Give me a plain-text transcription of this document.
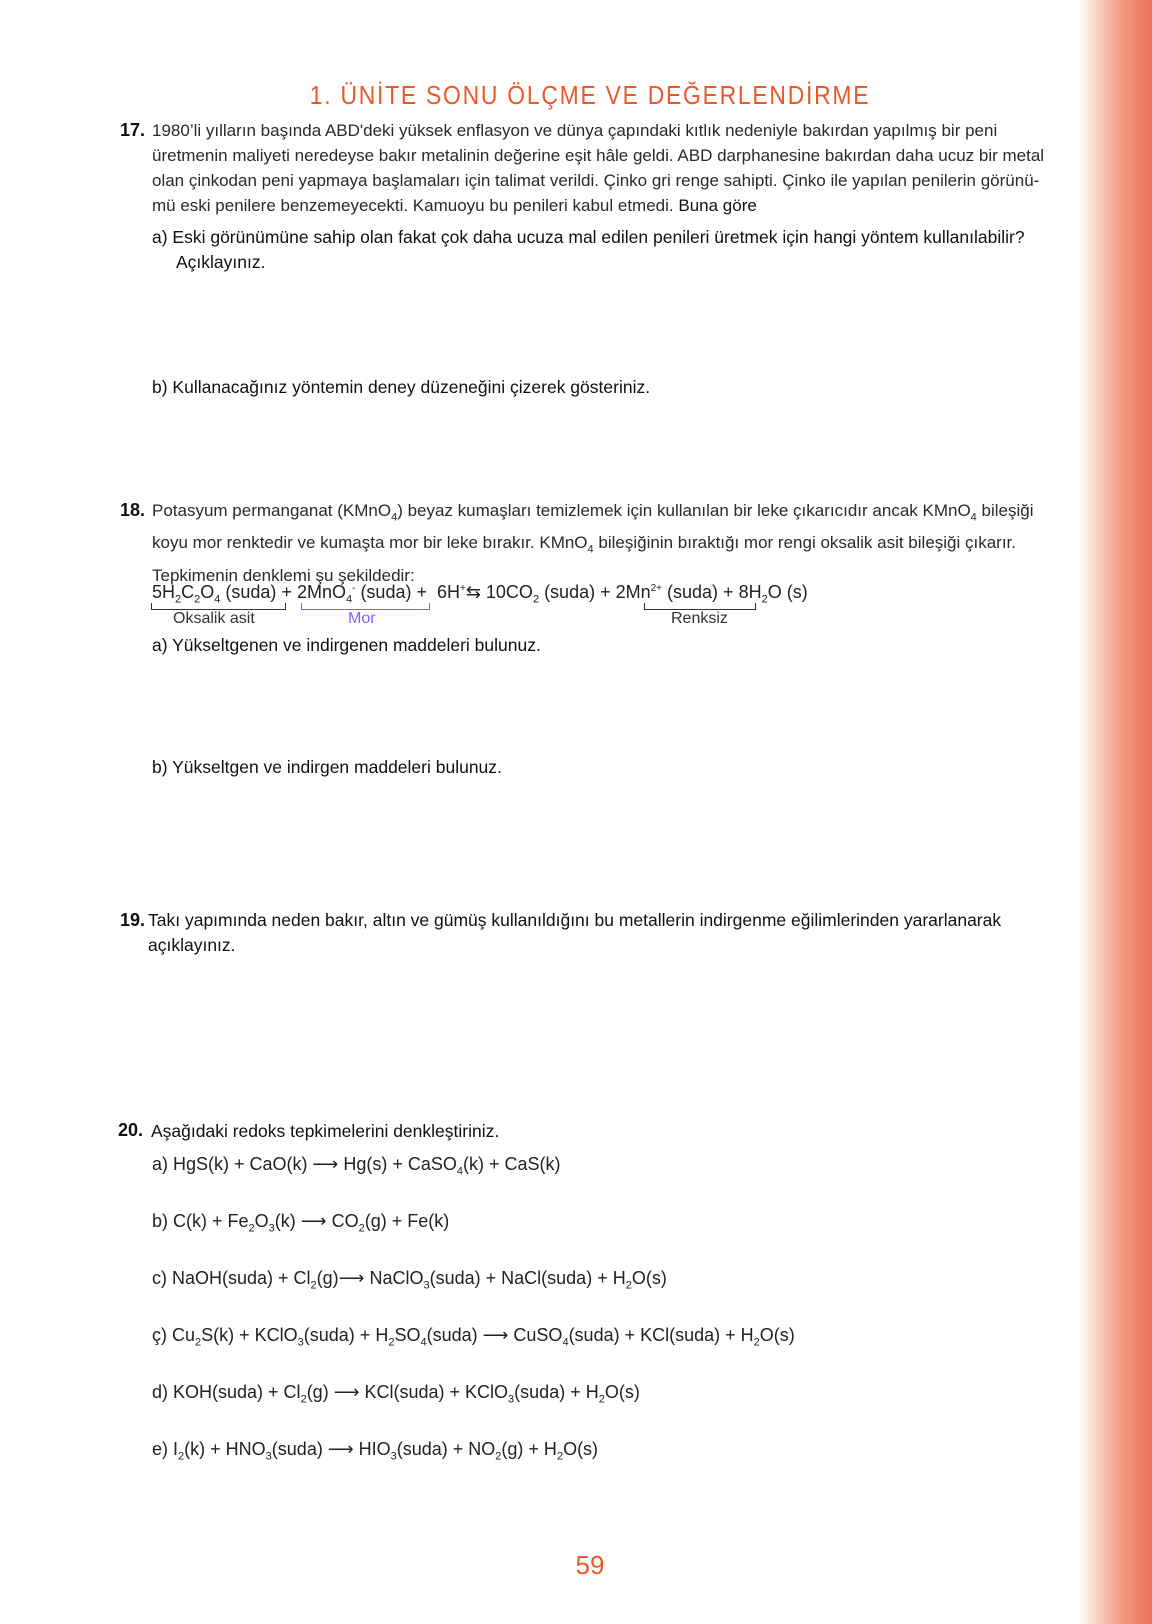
1. ÜNİTE SONU ÖLÇME VE DEĞERLENDİRME
17. 1980’li yılların başında ABD'deki yüksek enflasyon ve dünya çapındaki kıtlık nedeniyle bakırdan yapılmış bir peni
üretmenin maliyeti neredeyse bakır metalinin değerine eşit hâle geldi. ABD darphanesine bakırdan daha ucuz bir metal
olan çinkodan peni yapmaya başlamaları için talimat verildi. Çinko gri renge sahipti. Çinko ile yapılan penilerin görünü-
mü eski penilere benzemeyecekti. Kamuoyu bu penileri kabul etmedi. Buna göre
a) Eski görünümüne sahip olan fakat çok daha ucuza mal edilen penileri üretmek için hangi yöntem kullanılabilir?
Açıklayınız.
b) Kullanacağınız yöntemin deney düzeneğini çizerek gösteriniz.
18. Potasyum permanganat (KMnO$_4$) beyaz kumaşları temizlemek için kullanılan bir leke çıkarıcıdır ancak KMnO$_4$ bileşiği
koyu mor renktedir ve kumaşta mor bir leke bırakır. KMnO$_4$ bileşiğinin bıraktığı mor rengi oksalik asit bileşiği çıkarır.
Tepkimenin denklemi şu şekildedir:
$5H_2C_2O_4$ (suda) + 2MnO$_4$- (suda) +  6H+⇆ $10CO_2$ (suda) + $2Mn^{2+}$ (suda) + $8H_2O$ (s)
Oksalik asit	Mor	Renksiz
a) Yükseltgenen ve indirgenen maddeleri bulunuz.
b) Yükseltgen ve indirgen maddeleri bulunuz.
19. Takı yapımında neden bakır, altın ve gümüş kullanıldığını bu metallerin indirgenme eğilimlerinden yararlanarak
açıklayınız.
20. Aşağıdaki redoks tepkimelerini denkleştiriniz.
a) HgS(k) + CaO(k) ⟶ Hg(s) + CaSO$_4$(k) + CaS(k)
b) $C(k) + Fe_2O_3(k)$ ⟶ $CO_2(g) + Fe(k)$
c) NaOH(suda) + $Cl_2(g)⟶$ NaClO$_3$(suda) + NaCl(suda) + $H_2O(s)$
ç) $Cu_2S(k)$ + KClO$_3$(suda) + $H_2SO_4(suda)$ ⟶ CuSO$_4$(suda) + KCl(suda) + $H_2O(s)$
d) KOH(suda) + $Cl_2(g)$ ⟶ KCl(suda) + KClO$_3$(suda) + $H_2O(s)$
e) $I_2(k)$ + $HNO_3(suda)$ ⟶ $HIO_3(suda) + NO_2(g) + H_2O(s)$
59
